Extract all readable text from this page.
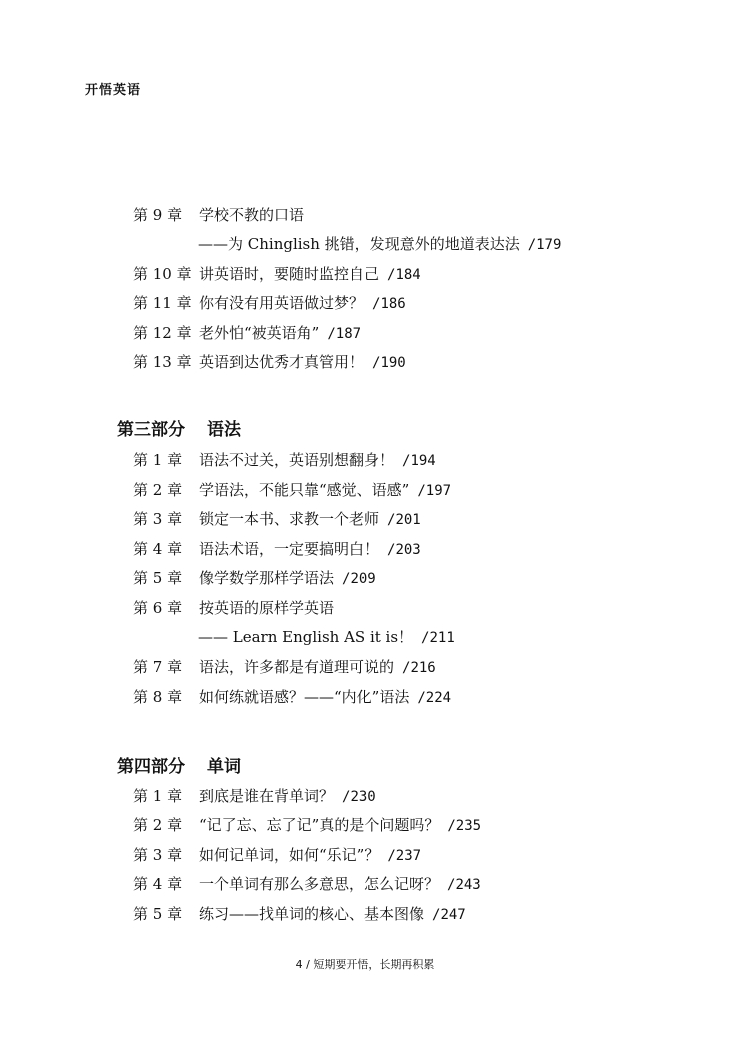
开悟英语
第 9 章 学校不教的口语
——为 Chinglish 挑错，发现意外的地道表达法 /179
第 10 章 讲英语时，要随时监控自己 /184
第 11 章 你有没有用英语做过梦？ /186
第 12 章 老外怕“被英语角” /187
第 13 章 英语到达优秀才真管用！ /190
第三部分 语法
第 1 章 语法不过关，英语别想翻身！ /194
第 2 章 学语法，不能只靠“感觉、语感” /197
第 3 章 锁定一本书、求教一个老师 /201
第 4 章 语法术语，一定要搞明白！ /203
第 5 章 像学数学那样学语法 /209
第 6 章 按英语的原样学英语
—— Learn English AS it is！ /211
第 7 章 语法，许多都是有道理可说的 /216
第 8 章 如何练就语感？——“内化”语法 /224
第四部分 单词
第 1 章 到底是谁在背单词？ /230
第 2 章 “记了忘、忘了记”真的是个问题吗？ /235
第 3 章 如何记单词，如何“乐记”？ /237
第 4 章 一个单词有那么多意思，怎么记呀？ /243
第 5 章 练习——找单词的核心、基本图像 /247
4 / 短期要开悟，长期再积累
